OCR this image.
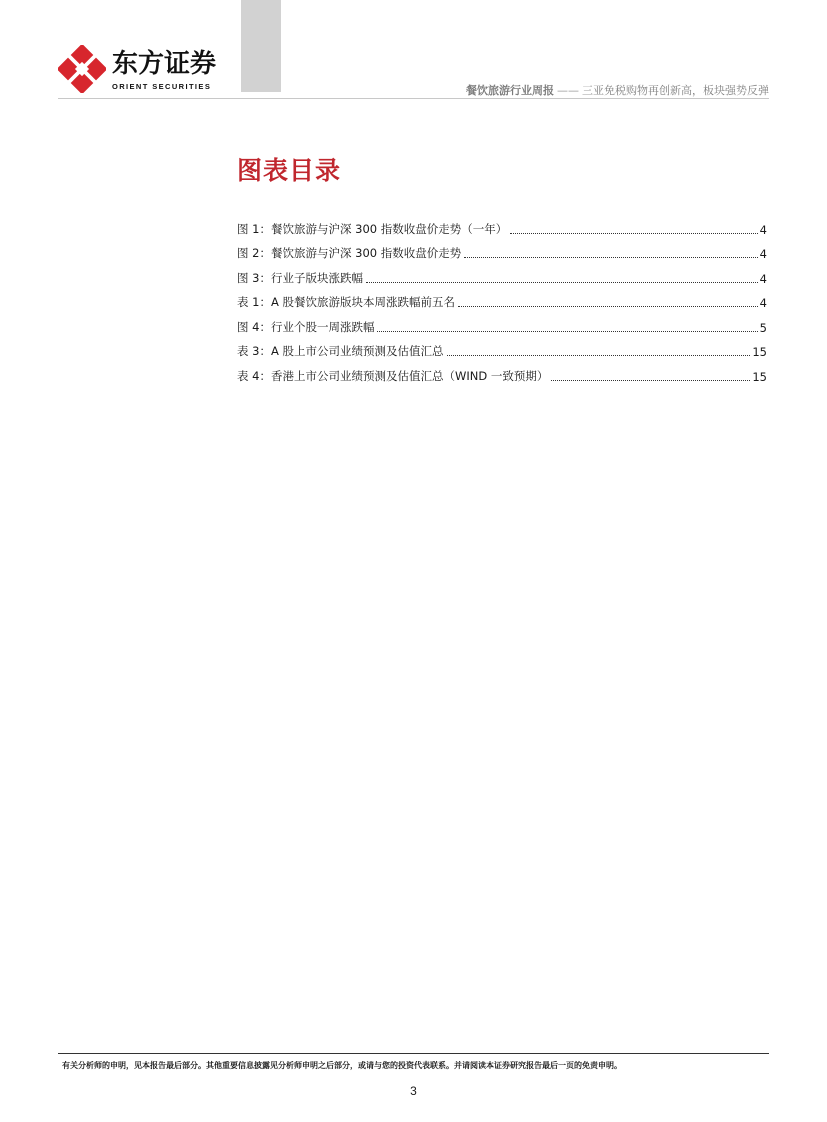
东方证券
ORIENT SECURITIES	餐饮旅游行业周报 —— 三亚免税购物再创新高，板块强势反弹
图表目录
图 1：餐饮旅游与沪深 300 指数收盘价走势（一年）	4
图 2：餐饮旅游与沪深 300 指数收盘价走势	4
图 3：行业子版块涨跌幅	4
表 1：A 股餐饮旅游版块本周涨跌幅前五名	4
图 4：行业个股一周涨跌幅	5
表 3：A 股上市公司业绩预测及估值汇总	15
表 4：香港上市公司业绩预测及估值汇总（WIND 一致预期）	15
有关分析师的申明，见本报告最后部分。其他重要信息披露见分析师申明之后部分，或请与您的投资代表联系。并请阅读本证券研究报告最后一页的免责申明。
3
